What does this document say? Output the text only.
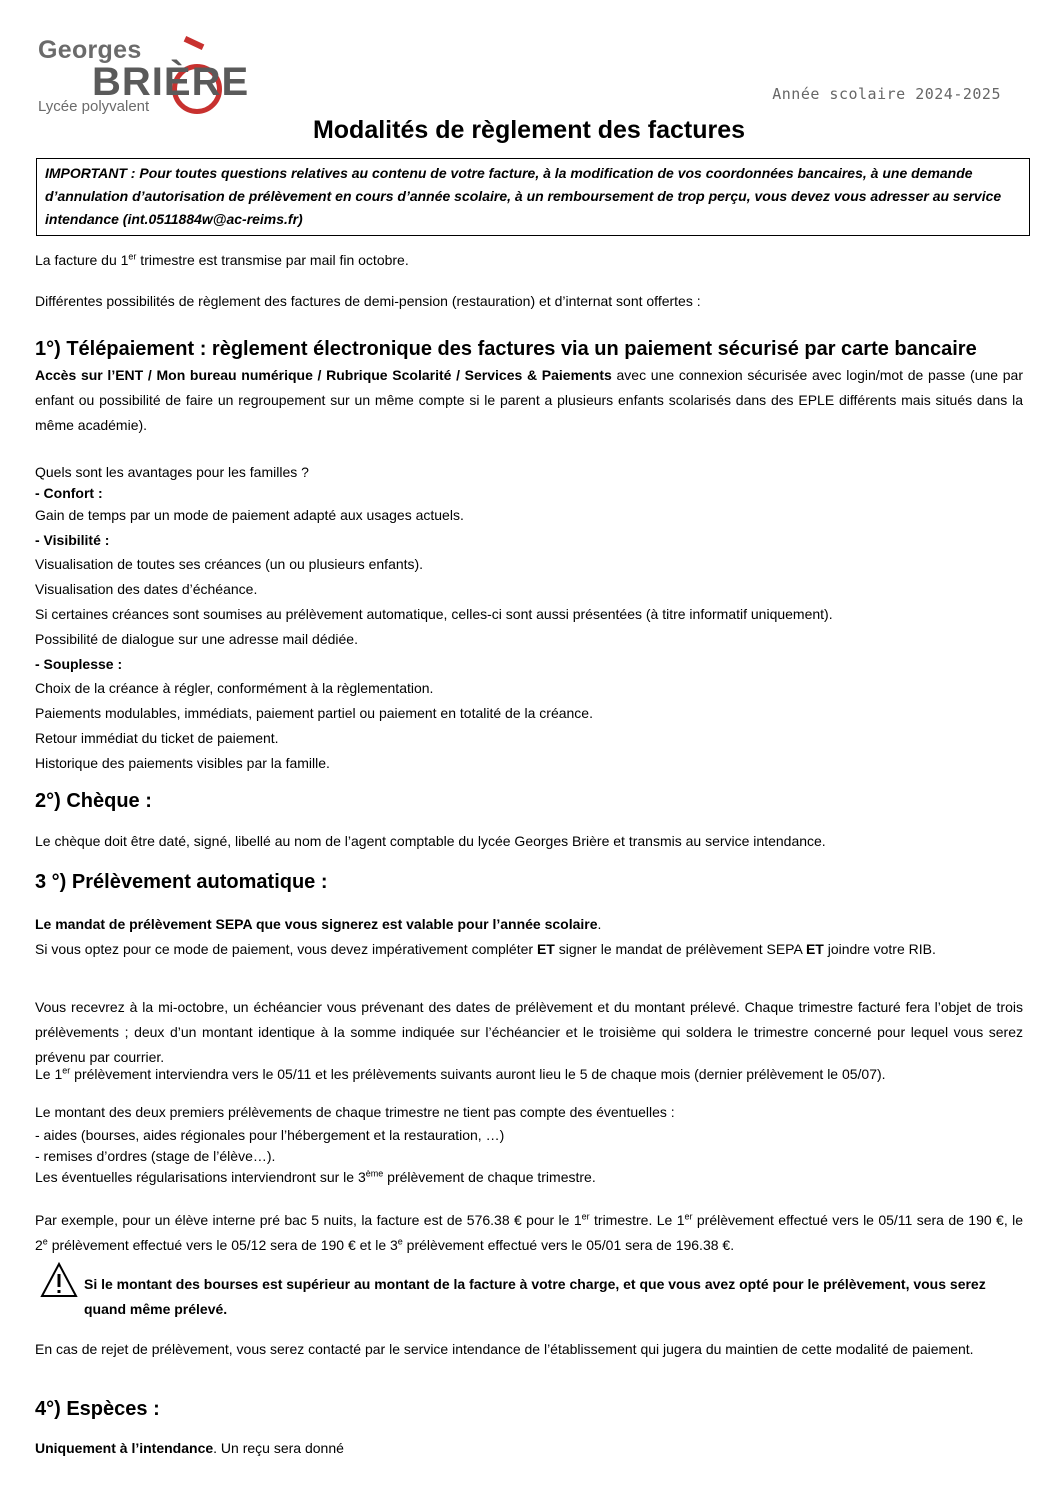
Georges
BRIÈRE
Lycée polyvalent
Année scolaire 2024-2025
Modalités de règlement des factures

IMPORTANT : Pour toutes questions relatives au contenu de votre facture, à la modification de vos coordonnées bancaires, à une demande d’annulation d’autorisation de prélèvement en cours d’année scolaire, à un remboursement de trop perçu, vous devez vous adresser au service intendance (int.0511884w@ac-reims.fr)

La facture du 1er trimestre est transmise par mail fin octobre.

Différentes possibilités de règlement des factures de demi-pension (restauration) et d’internat sont offertes :

1°) Télépaiement : règlement électronique des factures via un paiement sécurisé par carte bancaire

Accès sur l’ENT / Mon bureau numérique / Rubrique Scolarité / Services & Paiements avec une connexion sécurisée avec login/mot de passe (une par enfant ou possibilité de faire un regroupement sur un même compte si le parent a plusieurs enfants scolarisés dans des EPLE différents mais situés dans la même académie).

Quels sont les avantages pour les familles ?

- Confort :

Gain de temps par un mode de paiement adapté aux usages actuels.

- Visibilité :

Visualisation de toutes ses créances (un ou plusieurs enfants).

Visualisation des dates d’échéance.

Si certaines créances sont soumises au prélèvement automatique, celles-ci sont aussi présentées (à titre informatif uniquement).

Possibilité de dialogue sur une adresse mail dédiée.

- Souplesse :

Choix de la créance à régler, conformément à la règlementation.

Paiements modulables, immédiats, paiement partiel ou paiement en totalité de la créance.

Retour immédiat du ticket de paiement.

Historique des paiements visibles par la famille.

2°) Chèque :

Le chèque doit être daté, signé, libellé au nom de l’agent comptable du lycée Georges Brière et transmis au service intendance.

3 °) Prélèvement automatique :

Le mandat de prélèvement SEPA que vous signerez est valable pour l’année scolaire.
Si vous optez pour ce mode de paiement, vous devez impérativement compléter ET signer le mandat de prélèvement SEPA ET joindre votre RIB.

Vous recevrez à la mi-octobre, un échéancier vous prévenant des dates de prélèvement et du montant prélevé. Chaque trimestre facturé fera l’objet de trois prélèvements ; deux d’un montant identique à la somme indiquée sur l’échéancier et le troisième qui soldera le trimestre concerné pour lequel vous serez prévenu par courrier.

Le 1er prélèvement interviendra vers le 05/11 et les prélèvements suivants auront lieu le 5 de chaque mois (dernier prélèvement le 05/07).

Le montant des deux premiers prélèvements de chaque trimestre ne tient pas compte des éventuelles :

- aides (bourses, aides régionales pour l’hébergement et la restauration, …)

- remises d’ordres (stage de l’élève…).

Les éventuelles régularisations interviendront sur le 3ème prélèvement de chaque trimestre.

Par exemple, pour un élève interne pré bac 5 nuits, la facture est de 576.38 € pour le 1er trimestre. Le 1er prélèvement effectué vers le 05/11 sera de 190 €, le 2e prélèvement effectué vers le 05/12 sera de 190 € et le 3e prélèvement effectué vers le 05/01 sera de 196.38 €.

Si le montant des bourses est supérieur au montant de la facture à votre charge, et que vous avez opté pour le prélèvement, vous serez quand même prélevé.

En cas de rejet de prélèvement, vous serez contacté par le service intendance de l’établissement qui jugera du maintien de cette modalité de paiement.

4°) Espèces :

Uniquement à l’intendance. Un reçu sera donné
